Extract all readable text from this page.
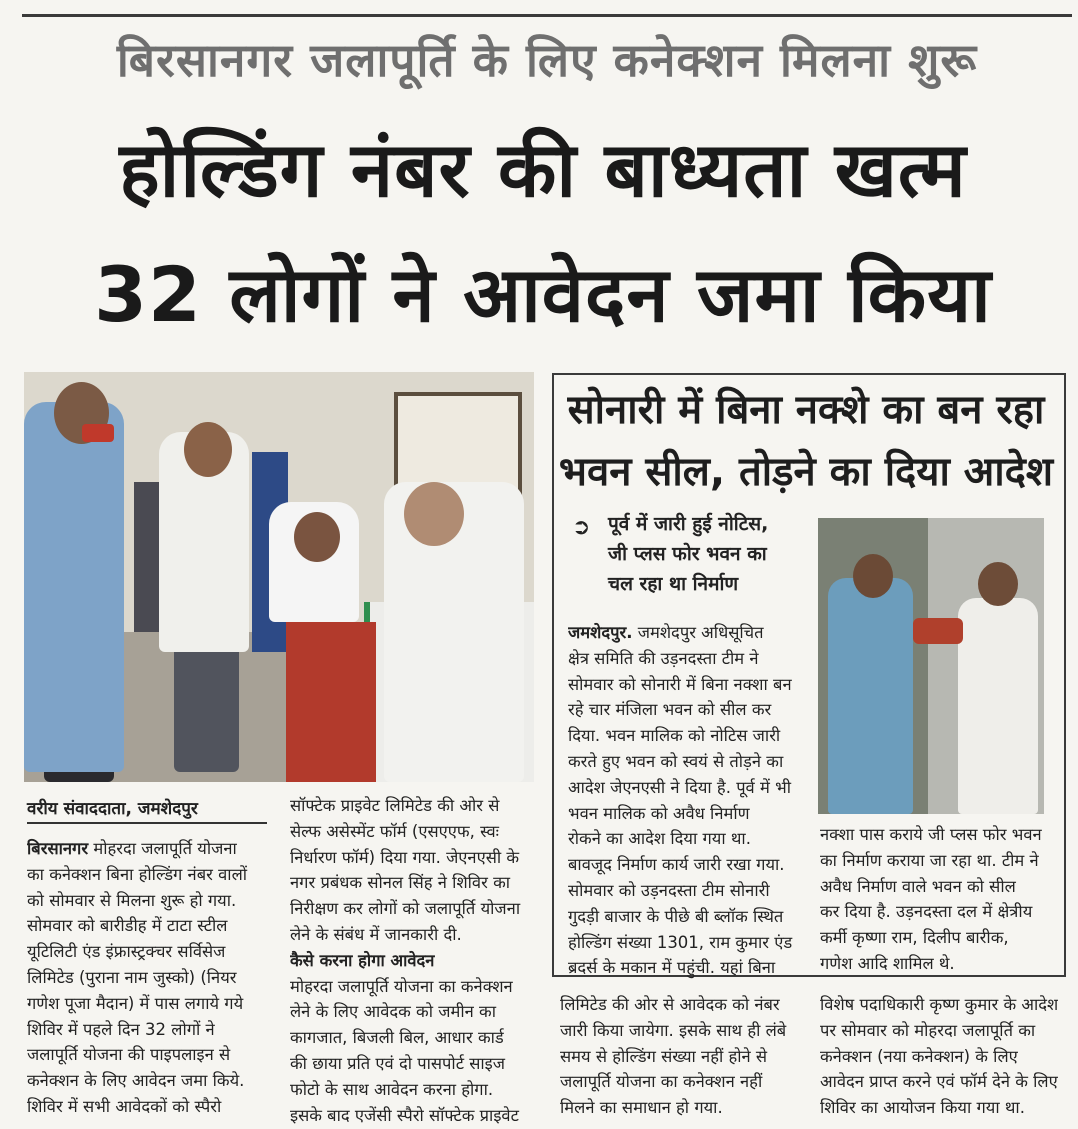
बिरसानगर जलापूर्ति के लिए कनेक्शन मिलना शुरू
होल्डिंग नंबर की बाध्यता खत्म
32 लोगों ने आवेदन जमा किया
सोनारी में बिना नक्शे का बन रहा
भवन सील, तोड़ने का दिया आदेश
➲ पूर्व में जारी हुई नोटिस,
जी प्लस फोर भवन का
चल रहा था निर्माण
जमशेदपुर. जमशेदपुर अधिसूचित
क्षेत्र समिति की उड़नदस्ता टीम ने
सोमवार को सोनारी में बिना नक्शा बन
रहे चार मंजिला भवन को सील कर
दिया. भवन मालिक को नोटिस जारी
करते हुए भवन को स्वयं से तोड़ने का
आदेश जेएनएसी ने दिया है. पूर्व में भी
भवन मालिक को अवैध निर्माण
रोकने का आदेश दिया गया था.
बावजूद निर्माण कार्य जारी रखा गया.
सोमवार को उड़नदस्ता टीम सोनारी
गुदड़ी बाजार के पीछे बी ब्लॉक स्थित
होल्डिंग संख्या 1301, राम कुमार एंड
ब्रदर्स के मकान में पहुंची. यहां बिना
नक्शा पास कराये जी प्लस फोर भवन
का निर्माण कराया जा रहा था. टीम ने
अवैध निर्माण वाले भवन को सील
कर दिया है. उड़नदस्ता दल में क्षेत्रीय
कर्मी कृष्णा राम, दिलीप बारीक,
गणेश आदि शामिल थे.
वरीय संवाददाता, जमशेदपुर
बिरसानगर मोहरदा जलापूर्ति योजना
का कनेक्शन बिना होल्डिंग नंबर वालों
को सोमवार से मिलना शुरू हो गया.
सोमवार को बारीडीह में टाटा स्टील
यूटिलिटी एंड इंफ्रास्ट्रक्चर सर्विसेज
लिमिटेड (पुराना नाम जुस्को) (नियर
गणेश पूजा मैदान) में पास लगाये गये
शिविर में पहले दिन 32 लोगों ने
जलापूर्ति योजना की पाइपलाइन से
कनेक्शन के लिए आवेदन जमा किये.
शिविर में सभी आवेदकों को स्पैरो
सॉफ्टेक प्राइवेट लिमिटेड की ओर से
सेल्फ असेस्मेंट फॉर्म (एसएएफ, स्वः
निर्धारण फॉर्म) दिया गया. जेएनएसी के
नगर प्रबंधक सोनल सिंह ने शिविर का
निरीक्षण कर लोगों को जलापूर्ति योजना
लेने के संबंध में जानकारी दी.
कैसे करना होगा आवेदन
मोहरदा जलापूर्ति योजना का कनेक्शन
लेने के लिए आवेदक को जमीन का
कागजात, बिजली बिल, आधार कार्ड
की छाया प्रति एवं दो पासपोर्ट साइज
फोटो के साथ आवेदन करना होगा.
इसके बाद एजेंसी स्पैरो सॉफ्टेक प्राइवेट
लिमिटेड की ओर से आवेदक को नंबर
जारी किया जायेगा. इसके साथ ही लंबे
समय से होल्डिंग संख्या नहीं होने से
जलापूर्ति योजना का कनेक्शन नहीं
मिलने का समाधान हो गया.
विशेष पदाधिकारी कृष्ण कुमार के आदेश
पर सोमवार को मोहरदा जलापूर्ति का
कनेक्शन (नया कनेक्शन) के लिए
आवेदन प्राप्त करने एवं फॉर्म देने के लिए
शिविर का आयोजन किया गया था.
